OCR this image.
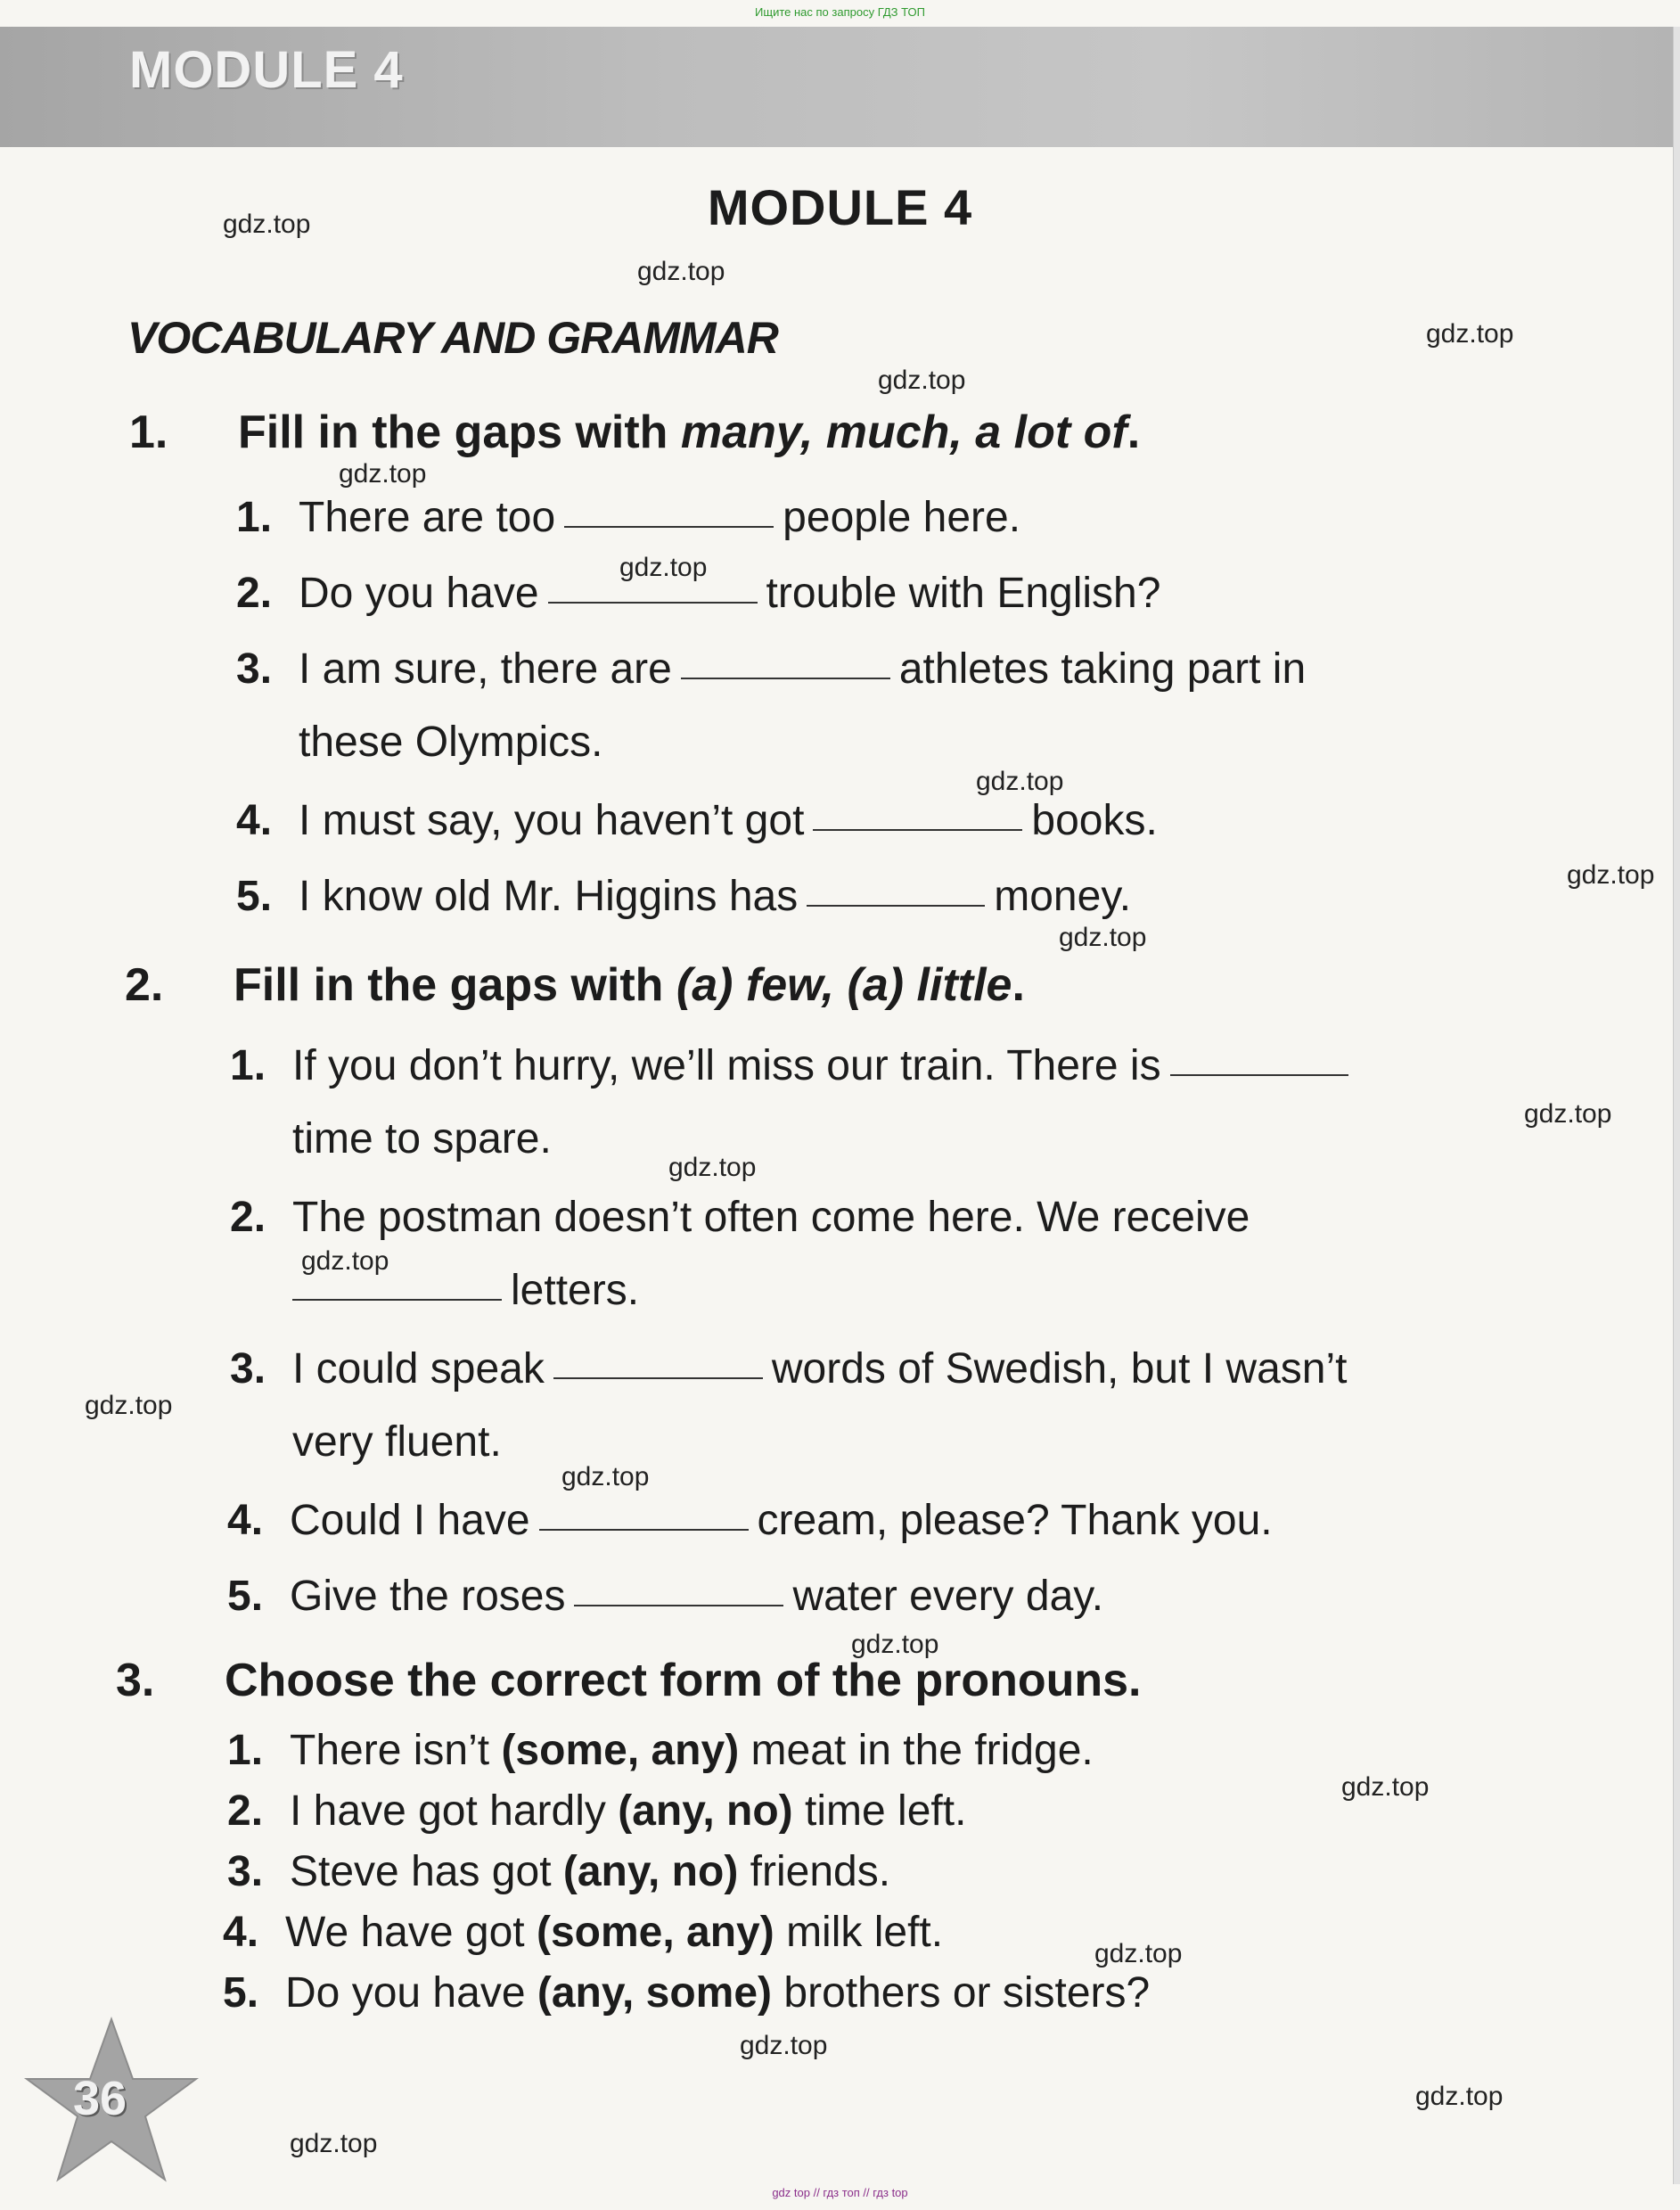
Ищите нас по запросу ГДЗ ТОП
MODULE 4
MODULE 4
VOCABULARY AND GRAMMAR
1. Fill in the gaps with many, much, a lot of.
1. There are too	people here.
2. Do you have	trouble with English?
3. I am sure, there are	athletes taking part in
these Olympics.
4. I must say, you haven’t got	books.
5. I know old Mr. Higgins has	money.
2. Fill in the gaps with (a) few, (a) little.
1. If you don’t hurry, we’ll miss our train. There is
time to spare.
2. The postman doesn’t often come here. We receive
letters.
3. I could speak	words of Swedish, but I wasn’t
very fluent.
4. Could I have	cream, please? Thank you.
5. Give the roses	water every day.
3. Choose the correct form of the pronouns.
1. There isn’t (some, any) meat in the fridge.
2. I have got hardly (any, no) time left.
3. Steve has got (any, no) friends.
4. We have got (some, any) milk left.
5. Do you have (any, some) brothers or sisters?
gdz.top
gdz.top
gdz.top
gdz.top
gdz.top
gdz.top
gdz.top
gdz.top
gdz.top
gdz.top
gdz.top
gdz.top
gdz.top
gdz.top
gdz.top
gdz.top
gdz.top
gdz.top
gdz.top
gdz.top
36
gdz top // гдз топ // гдз top
